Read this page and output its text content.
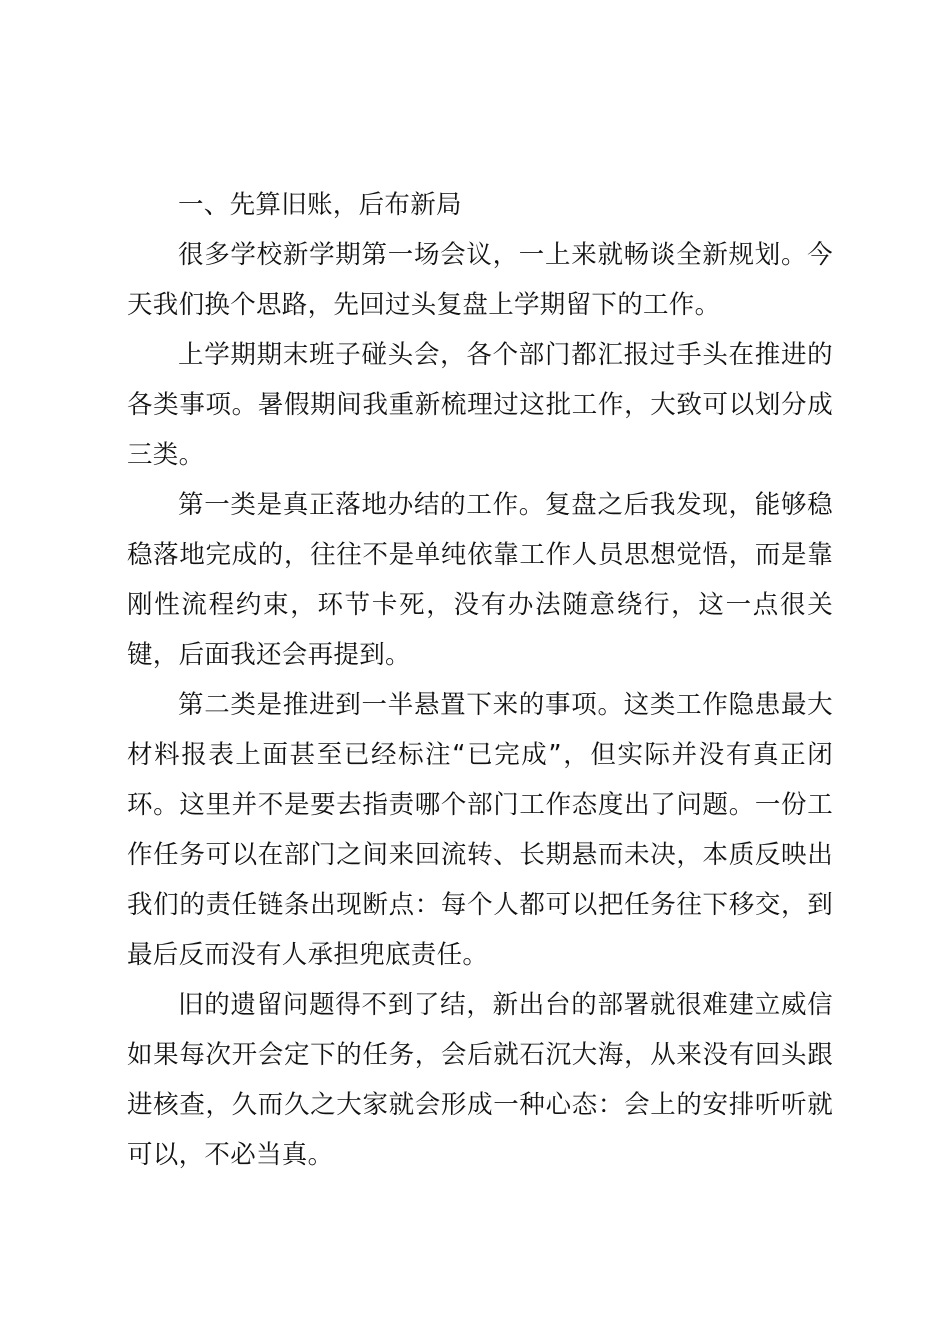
一、先算旧账，后布新局

很多学校新学期第一场会议，一上来就畅谈全新规划。今天我们换个思路，先回过头复盘上学期留下的工作。

上学期期末班子碰头会，各个部门都汇报过手头在推进的各类事项。暑假期间我重新梳理过这批工作，大致可以划分成三类。

第一类是真正落地办结的工作。复盘之后我发现，能够稳稳落地完成的，往往不是单纯依靠工作人员思想觉悟，而是靠刚性流程约束，环节卡死，没有办法随意绕行，这一点很关键，后面我还会再提到。

第二类是推进到一半悬置下来的事项。这类工作隐患最大材料报表上面甚至已经标注“已完成”，但实际并没有真正闭环。这里并不是要去指责哪个部门工作态度出了问题。一份工作任务可以在部门之间来回流转、长期悬而未决，本质反映出我们的责任链条出现断点：每个人都可以把任务往下移交，到最后反而没有人承担兜底责任。

旧的遗留问题得不到了结，新出台的部署就很难建立威信如果每次开会定下的任务，会后就石沉大海，从来没有回头跟进核查，久而久之大家就会形成一种心态：会上的安排听听就可以，不必当真。
